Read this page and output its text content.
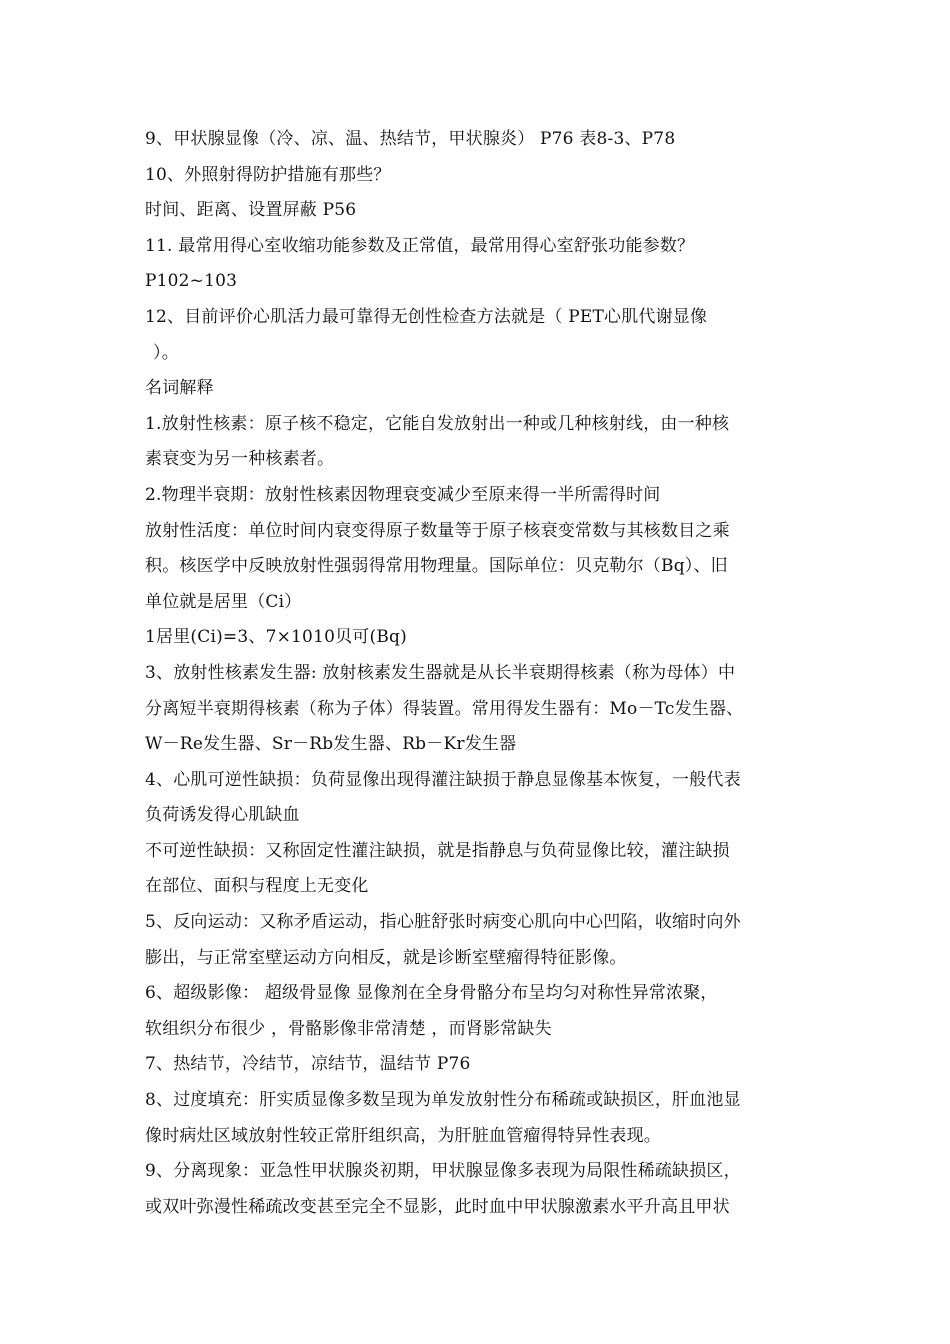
9、甲状腺显像（冷、凉、温、热结节，甲状腺炎） P76 表8-3、P78
10、外照射得防护措施有那些？
时间、距离、设置屏蔽 P56
11. 最常用得心室收缩功能参数及正常值，最常用得心室舒张功能参数？
P102~103
12、目前评价心肌活力最可靠得无创性检查方法就是（ PET心肌代谢显像
）。
名词解释
1.放射性核素：原子核不稳定，它能自发放射出一种或几种核射线，由一种核
素衰变为另一种核素者。
2.物理半衰期：放射性核素因物理衰变减少至原来得一半所需得时间
放射性活度：单位时间内衰变得原子数量等于原子核衰变常数与其核数目之乘
积。核医学中反映放射性强弱得常用物理量。国际单位：贝克勒尔（Bq）、旧
单位就是居里（Ci）
1居里(Ci)=3、7×1010贝可(Bq)
3、放射性核素发生器: 放射核素发生器就是从长半衰期得核素（称为母体）中
分离短半衰期得核素（称为子体）得装置。常用得发生器有：Mo－Tc发生器、
W－Re发生器、Sr－Rb发生器、Rb－Kr发生器
4、心肌可逆性缺损：负荷显像出现得灌注缺损于静息显像基本恢复，一般代表
负荷诱发得心肌缺血
不可逆性缺损：又称固定性灌注缺损，就是指静息与负荷显像比较，灌注缺损
在部位、面积与程度上无变化
5、反向运动：又称矛盾运动，指心脏舒张时病变心肌向中心凹陷，收缩时向外
膨出，与正常室壁运动方向相反，就是诊断室壁瘤得特征影像。
6、超级影像： 超级骨显像 显像剂在全身骨骼分布呈均匀对称性异常浓聚，
软组织分布很少 ，骨骼影像非常清楚 ，而肾影常缺失
7、热结节，冷结节，凉结节，温结节 P76
8、过度填充：肝实质显像多数呈现为单发放射性分布稀疏或缺损区，肝血池显
像时病灶区域放射性较正常肝组织高，为肝脏血管瘤得特异性表现。
9、分离现象：亚急性甲状腺炎初期，甲状腺显像多表现为局限性稀疏缺损区，
或双叶弥漫性稀疏改变甚至完全不显影，此时血中甲状腺激素水平升高且甲状
